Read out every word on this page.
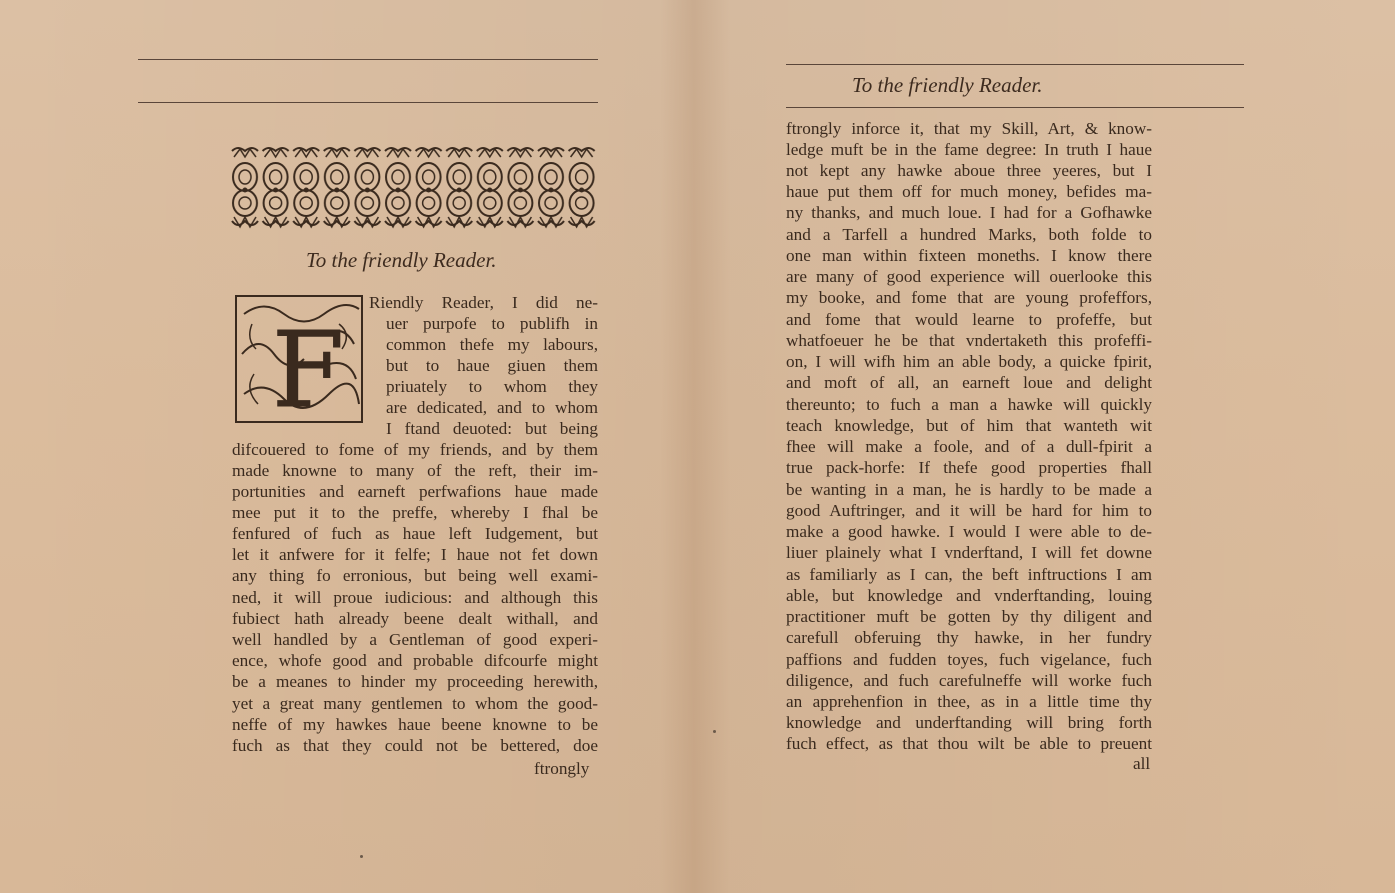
To the friendly Reader.
F
Riendly Reader, I did ne-
uer purpofe to publifh in
common thefe my labours,
but to haue giuen them
priuately to whom they
are dedicated, and to whom
I ftand deuoted: but being
difcouered to fome of my friends, and by them
made knowne to many of the reft, their im-
portunities and earneft perfwafions haue made
mee put it to the preffe, whereby I fhal be
fenfured of fuch as haue left Iudgement, but
let it anfwere for it felfe; I haue not fet down
any thing fo erronious, but being well exami-
ned, it will proue iudicious: and although this
fubiect hath already beene dealt withall, and
well handled by a Gentleman of good experi-
ence, whofe good and probable difcourfe might
be a meanes to hinder my proceeding herewith,
yet a great many gentlemen to whom the good-
neffe of my hawkes haue beene knowne to be
fuch as that they could not be bettered, doe
ftrongly
To the friendly Reader.
ftrongly inforce it, that my Skill, Art, & know-
ledge muft be in the fame degree: In truth I haue
not kept any hawke aboue three yeeres, but I
haue put them off for much money, befides ma-
ny thanks, and much loue. I had for a Gofhawke
and a Tarfell a hundred Marks, both folde to
one man within fixteen moneths. I know there
are many of good experience will ouerlooke this
my booke, and fome that are young profeffors,
and fome that would learne to profeffe, but
whatfoeuer he be that vndertaketh this profeffi-
on, I will wifh him an able body, a quicke fpirit,
and moft of all, an earneft loue and delight
thereunto; to fuch a man a hawke will quickly
teach knowledge, but of him that wanteth wit
fhee will make a foole, and of a dull-fpirit a
true pack-horfe: If thefe good properties fhall
be wanting in a man, he is hardly to be made a
good Auftringer, and it will be hard for him to
make a good hawke. I would I were able to de-
liuer plainely what I vnderftand, I will fet downe
as familiarly as I can, the beft inftructions I am
able, but knowledge and vnderftanding, louing
practitioner muft be gotten by thy diligent and
carefull obferuing thy hawke, in her fundry
paffions and fudden toyes, fuch vigelance, fuch
diligence, and fuch carefulneffe will worke fuch
an apprehenfion in thee, as in a little time thy
knowledge and underftanding will bring forth
fuch effect, as that thou wilt be able to preuent
all
